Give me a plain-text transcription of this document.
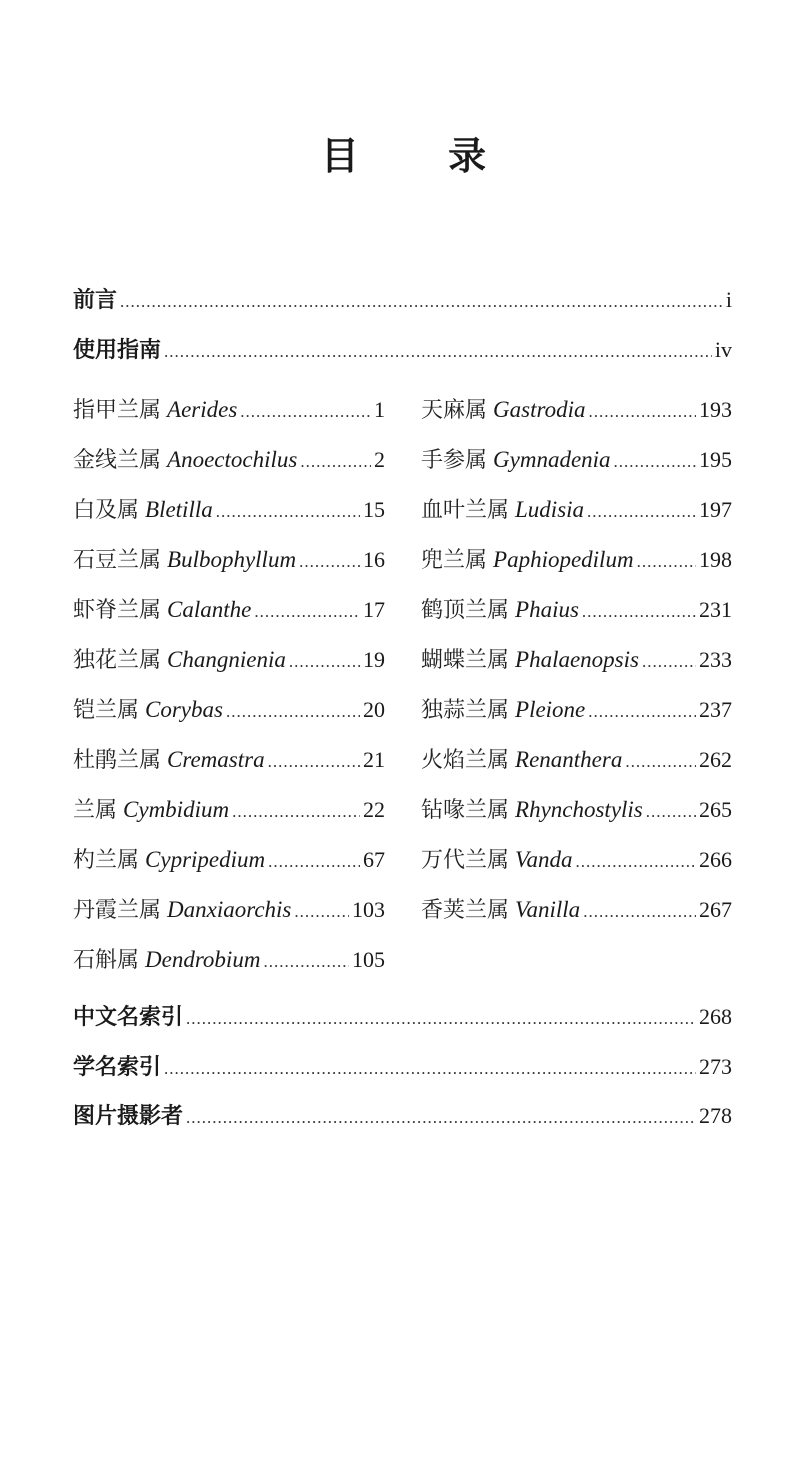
目 录
前言 .....	i
使用指南 .....	iv
指甲兰属 Aerides .....	1
金线兰属 Anoectochilus .....	2
白及属 Bletilla .....	15
石豆兰属 Bulbophyllum .....	16
虾脊兰属 Calanthe .....	17
独花兰属 Changnienia .....	19
铠兰属 Corybas .....	20
杜鹃兰属 Cremastra .....	21
兰属 Cymbidium .....	22
杓兰属 Cypripedium .....	67
丹霞兰属 Danxiaorchis .....	103
石斛属 Dendrobium .....	105
天麻属 Gastrodia .....	193
手参属 Gymnadenia .....	195
血叶兰属 Ludisia .....	197
兜兰属 Paphiopedilum .....	198
鹤顶兰属 Phaius .....	231
蝴蝶兰属 Phalaenopsis .....	233
独蒜兰属 Pleione .....	237
火焰兰属 Renanthera .....	262
钻喙兰属 Rhynchostylis .....	265
万代兰属 Vanda .....	266
香荚兰属 Vanilla .....	267
中文名索引 .....	268
学名索引 .....	273
图片摄影者 .....	278
